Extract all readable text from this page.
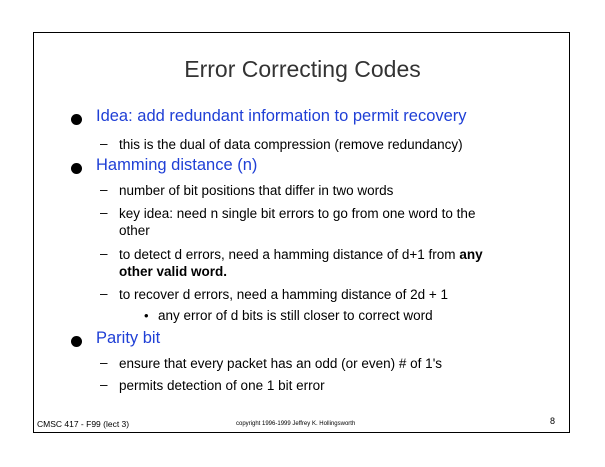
Error Correcting Codes
Idea: add redundant information to permit recovery
– this is the dual of data compression (remove redundancy)
Hamming distance (n)
– number of bit positions that differ in two words
– key idea: need n single bit errors to go from one word to the
other
– to detect d errors, need a hamming distance of d+1 from any
other valid word.
– to recover d errors, need a hamming distance of 2d + 1
• any error of d bits is still closer to correct word
Parity bit
– ensure that every packet has an odd (or even) # of 1's
– permits detection of one 1 bit error
CMSC 417 - F99 (lect 3)	copyright 1996-1999 Jeffrey K. Hollingsworth	8
